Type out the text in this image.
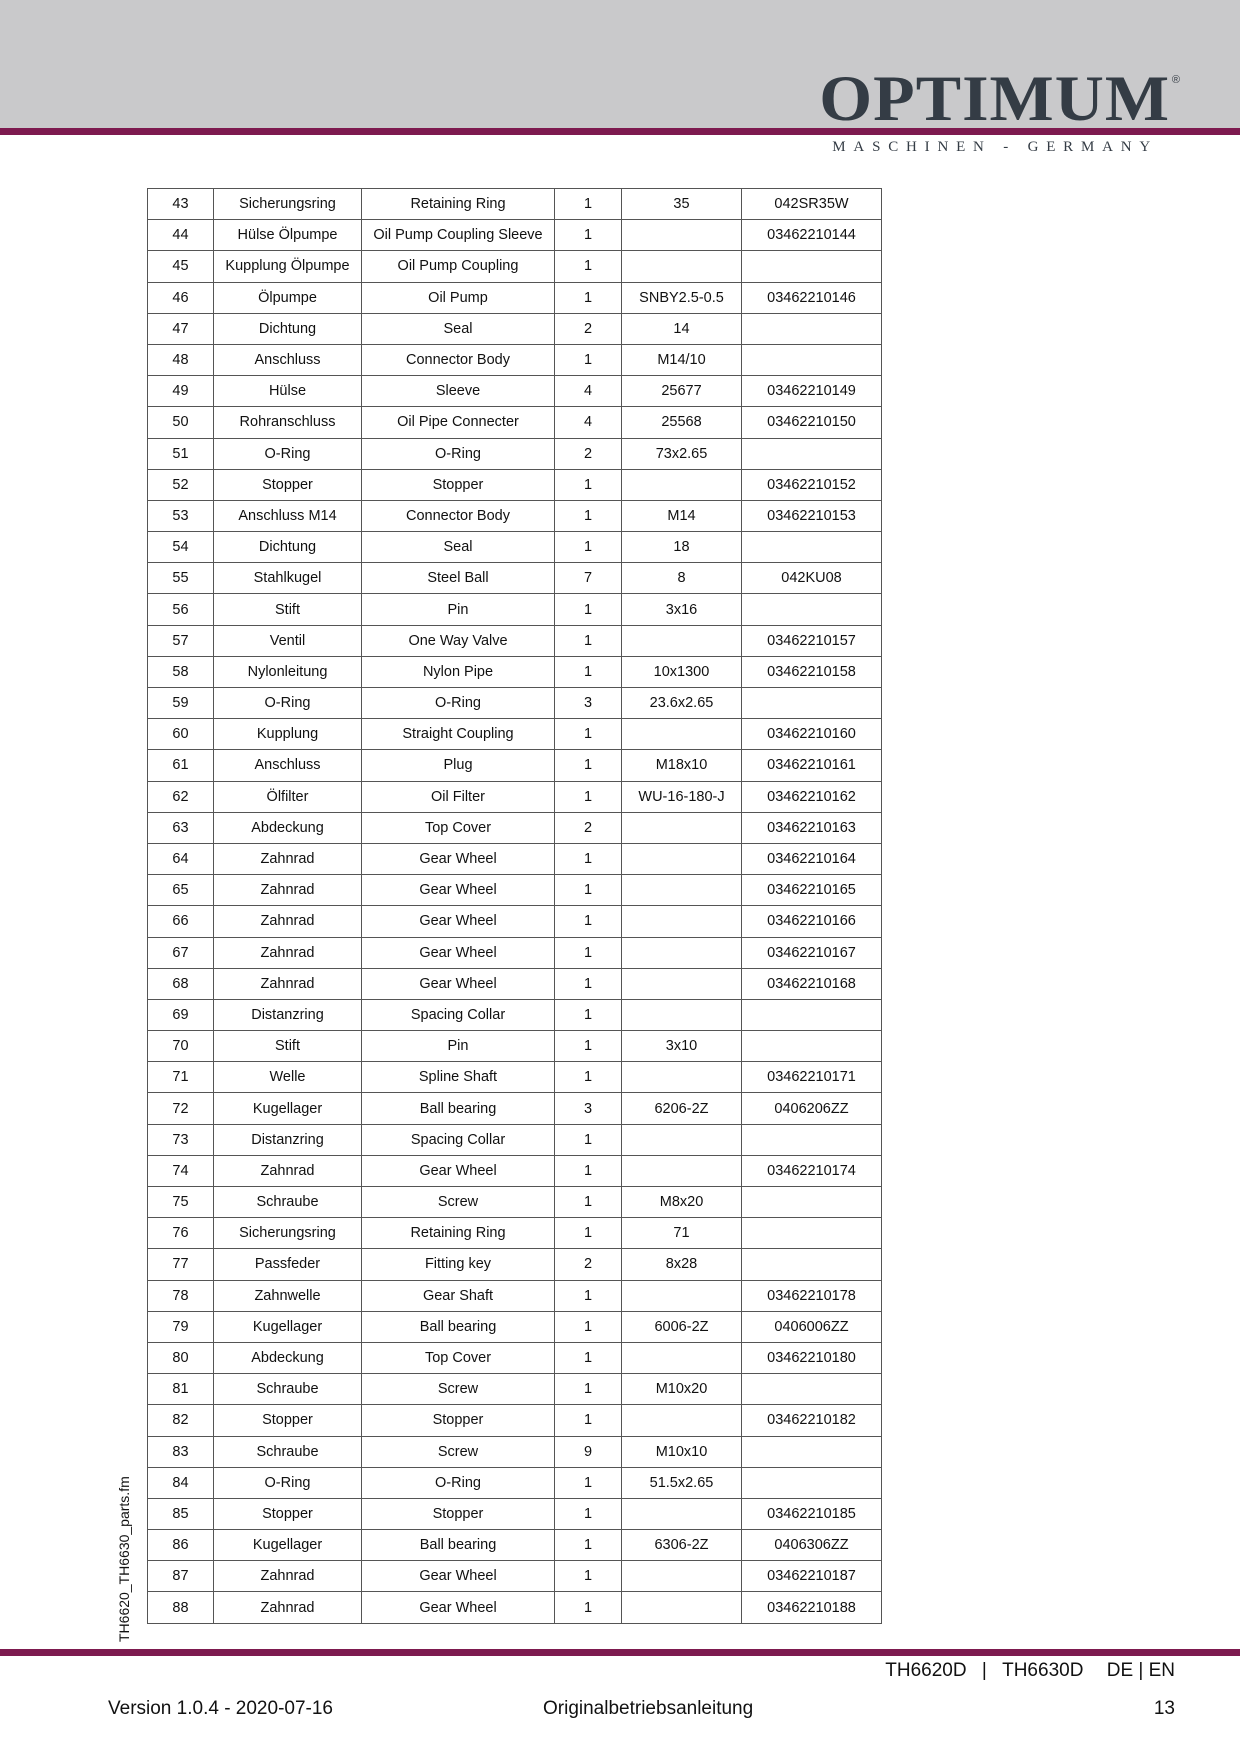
OPTIMUM ®
MASCHINEN - GERMANY
43	Sicherungsring	Retaining Ring	1	35	042SR35W
44	Hülse Ölpumpe	Oil Pump Coupling Sleeve	1		03462210144
45	Kupplung Ölpumpe	Oil Pump Coupling	1		
46	Ölpumpe	Oil Pump	1	SNBY2.5-0.5	03462210146
47	Dichtung	Seal	2	14	
48	Anschluss	Connector Body	1	M14/10	
49	Hülse	Sleeve	4	25677	03462210149
50	Rohranschluss	Oil Pipe Connecter	4	25568	03462210150
51	O-Ring	O-Ring	2	73x2.65	
52	Stopper	Stopper	1		03462210152
53	Anschluss M14	Connector Body	1	M14	03462210153
54	Dichtung	Seal	1	18	
55	Stahlkugel	Steel Ball	7	8	042KU08
56	Stift	Pin	1	3x16	
57	Ventil	One Way Valve	1		03462210157
58	Nylonleitung	Nylon Pipe	1	10x1300	03462210158
59	O-Ring	O-Ring	3	23.6x2.65	
60	Kupplung	Straight Coupling	1		03462210160
61	Anschluss	Plug	1	M18x10	03462210161
62	Ölfilter	Oil Filter	1	WU-16-180-J	03462210162
63	Abdeckung	Top Cover	2		03462210163
64	Zahnrad	Gear Wheel	1		03462210164
65	Zahnrad	Gear Wheel	1		03462210165
66	Zahnrad	Gear Wheel	1		03462210166
67	Zahnrad	Gear Wheel	1		03462210167
68	Zahnrad	Gear Wheel	1		03462210168
69	Distanzring	Spacing Collar	1		
70	Stift	Pin	1	3x10	
71	Welle	Spline Shaft	1		03462210171
72	Kugellager	Ball bearing	3	6206-2Z	0406206ZZ
73	Distanzring	Spacing Collar	1		
74	Zahnrad	Gear Wheel	1		03462210174
75	Schraube	Screw	1	M8x20	
76	Sicherungsring	Retaining Ring	1	71	
77	Passfeder	Fitting key	2	8x28	
78	Zahnwelle	Gear Shaft	1		03462210178
79	Kugellager	Ball bearing	1	6006-2Z	0406006ZZ
80	Abdeckung	Top Cover	1		03462210180
81	Schraube	Screw	1	M10x20	
82	Stopper	Stopper	1		03462210182
83	Schraube	Screw	9	M10x10	
84	O-Ring	O-Ring	1	51.5x2.65	
85	Stopper	Stopper	1		03462210185
86	Kugellager	Ball bearing	1	6306-2Z	0406306ZZ
87	Zahnrad	Gear Wheel	1		03462210187
88	Zahnrad	Gear Wheel	1		03462210188
TH6620_TH6630_parts.fm
TH6620D | TH6630D DE | EN
Version 1.0.4 - 2020-07-16	Originalbetriebsanleitung	13
